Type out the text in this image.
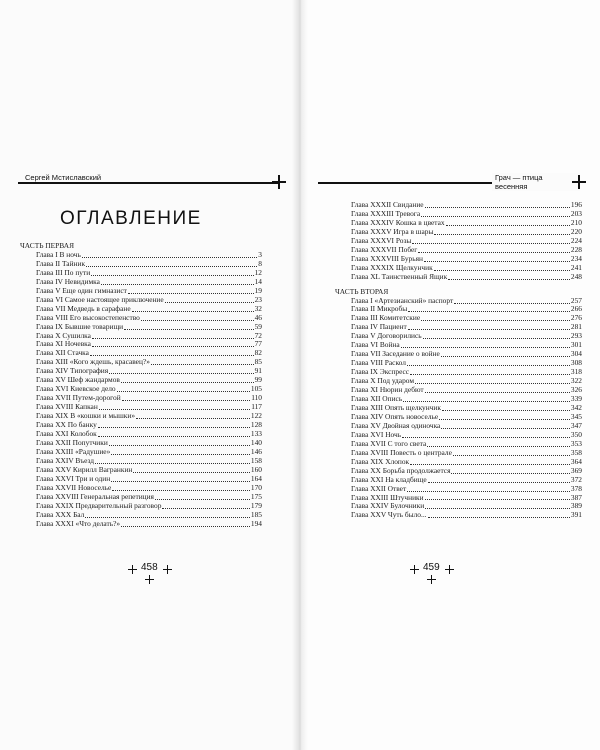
Сергей Мстиславский	Грач — птица весенняя
ОГЛАВЛЕНИЕ
ЧАСТЬ ПЕРВАЯ
Глава I В ночь	3
Глава II Тайник	8
Глава III По пути	12
Глава IV Невидимка	14
Глава V Еще один гимназист	19
Глава VI Самое настоящее приключение	23
Глава VII Медведь в сарафане	32
Глава VIII Его высокостепенство	46
Глава IX Бывшие товарищи	59
Глава X Сушилка	72
Глава XI Ночевка	77
Глава XII Стачка	82
Глава XIII «Кого ждешь, красавец?»	85
Глава XIV Типография	91
Глава XV Шеф жандармов	99
Глава XVI Киевское дело	105
Глава XVII Путем-дорогой	110
Глава XVIII Капкан	117
Глава XIX В «кошки и мышки»	122
Глава XX По банку	128
Глава XXI Колобок	133
Глава XXII Попутчики	140
Глава XXIII «Радушие»	146
Глава XXIV Въезд	158
Глава XXV Кирилл Вагранкин	160
Глава XXVI Три и один	164
Глава XXVII Новоселье	170
Глава XXVIII Генеральная репетиция	175
Глава XXIX Предварительный разговор	179
Глава XXX Бал	185
Глава XXXI «Что делать?»	194
Глава XXXII Свидание	196
Глава XXXIII Тревога	203
Глава XXXIV Кошка в цветах	210
Глава XXXV Игра в шары	220
Глава XXXVI Розы	224
Глава XXXVII Побег	228
Глава XXXVIII Бурьян	234
Глава XXXIX Щелкунчик	241
Глава XL Таинственный Ящик	248
ЧАСТЬ ВТОРАЯ
Глава I «Артезианский» паспорт	257
Глава II Микробы	266
Глава III Комитетские	276
Глава IV Пациент	281
Глава V Договорились	293
Глава VI Война	301
Глава VII Заседание о войне	304
Глава VIII Раскол	308
Глава IX Экспресс	318
Глава X Под ударом	322
Глава XI Нюрин дебют	326
Глава XII Опись	339
Глава XIII Опять щелкунчик	342
Глава XIV Опять новоселье	345
Глава XV Двойная одиночка	347
Глава XVI Ночь	350
Глава XVII С того света	353
Глава XVIII Повесть о централе	358
Глава XIX Хлопок	364
Глава XX Борьба продолжается	369
Глава XXI На кладбище	372
Глава XXII Ответ	378
Глава XXIII Штучники	387
Глава XXIV Булочники	389
Глава XXV Чуть было...	391
458	459
